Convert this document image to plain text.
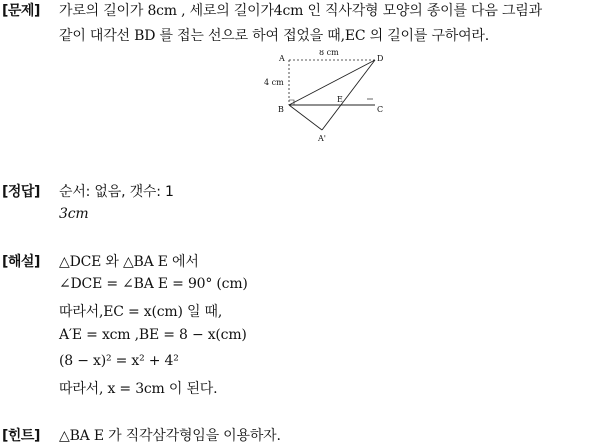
[문제] 가로의 길이가 8cm , 세로의 길이가4cm 인 직사각형 모양의 종이를 다음 그림과
같이 대각선 BD 를 접는 선으로 하여 접었을 때,EC 의 길이를 구하여라.
A	D
B	C
E
A'
8 cm
4 cm
[정답] 순서: 없음, 갯수: 1
3cm
[해설] △DCE 와 △BA E 에서
∠DCE = ∠BA E = 90° (cm)
따라서,EC = x(cm) 일 때,
A′E = xcm ,BE = 8 − x(cm)
(8 − x)² = x² + 4²
따라서, x = 3cm 이 된다.
[힌트] △BA E 가 직각삼각형임을 이용하자.
